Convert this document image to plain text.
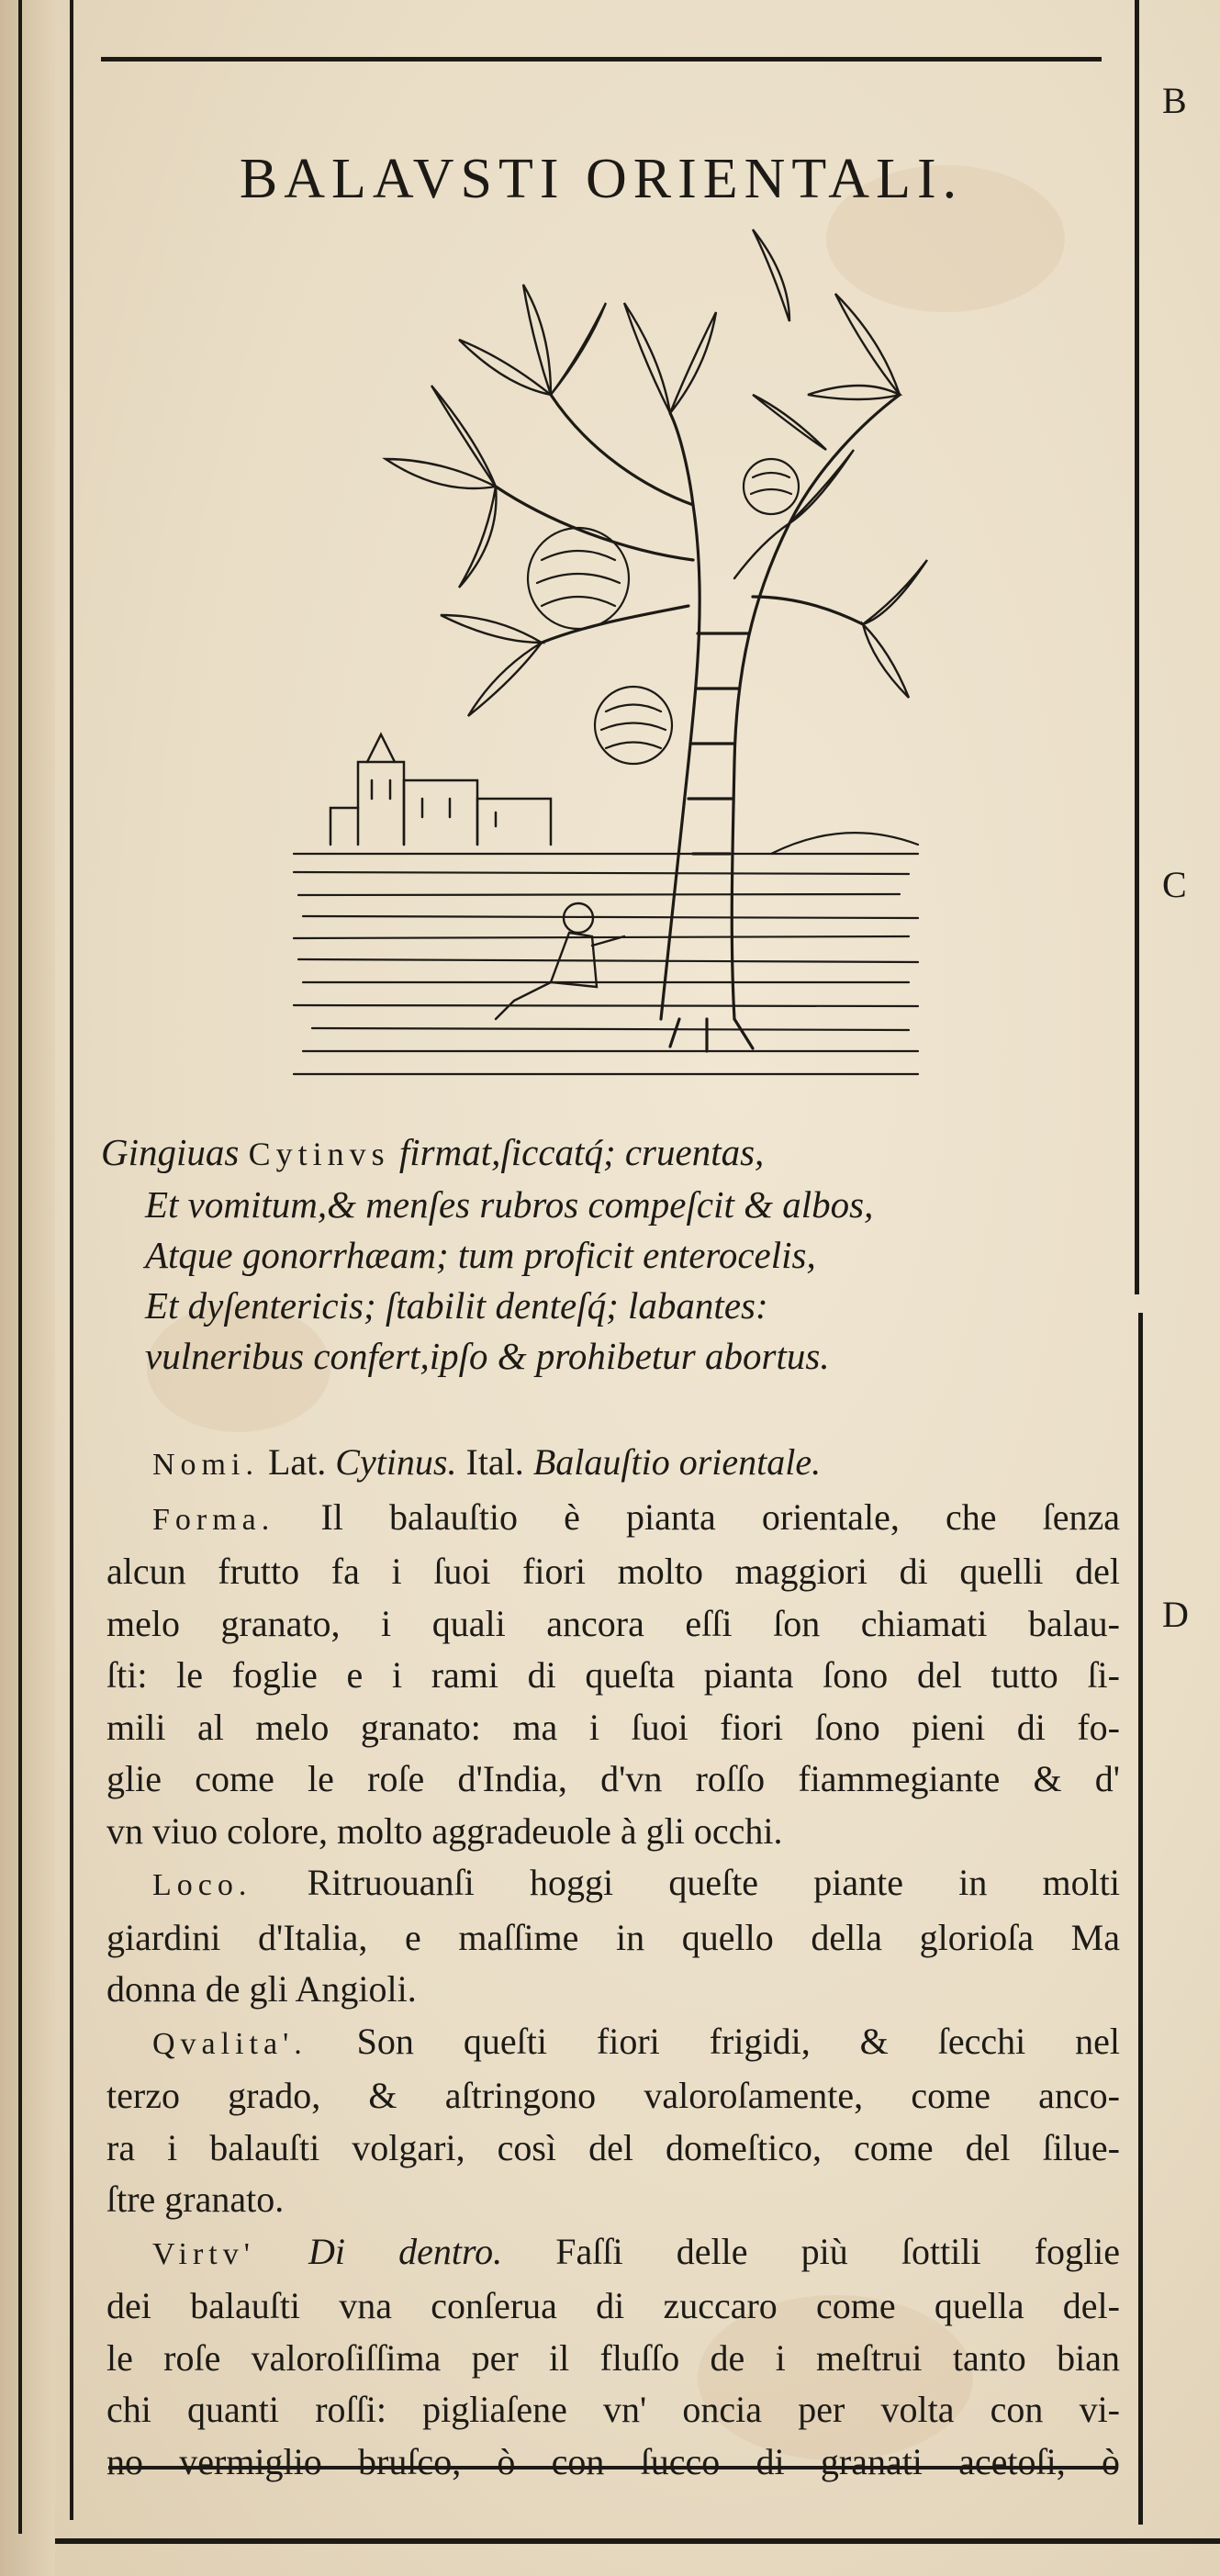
B
C
D
BALAVSTI ORIENTALI.
Gingiuas Cytinvs firmat,ſiccatq́; cruentas,
Et vomitum,& menſes rubros compeſcit & albos,
Atque gonorrhæam; tum proficit enterocelis,
Et dyſentericis; ſtabilit denteſq́; labantes:
vulneribus confert,ipſo & prohibetur abortus.
Nomi. Lat. Cytinus. Ital. Balauſtio orientale.
Forma. Il balauſtio è pianta orientale, che ſenza
alcun frutto fa i ſuoi fiori molto maggiori di quelli del
melo granato, i quali ancora eſſi ſon chiamati balau-
ſti: le foglie e i rami di queſta pianta ſono del tutto ſi-
mili al melo granato: ma i ſuoi fiori ſono pieni di fo-
glie come le roſe d'India, d'vn roſſo fiammegiante & d'
vn viuo colore, molto aggradeuole à gli occhi.
Loco. Ritruouanſi hoggi queſte piante in molti
giardini d'Italia, e maſſime in quello della glorioſa Ma
donna de gli Angioli.
Qvalita'. Son queſti fiori frigidi, & ſecchi nel
terzo grado, & aſtringono valoroſamente, come anco-
ra i balauſti volgari, così del domeſtico, come del ſilue-
ſtre granato.
Virtv' Di dentro. Faſſi delle più ſottili foglie
dei balauſti vna conſerua di zuccaro come quella del-
le roſe valoroſiſſima per il fluſſo de i meſtrui tanto bian
chi quanti roſſi: pigliaſene vn' oncia per volta con vi-
no vermiglio bruſco, ò con ſucco di granati acetoſi, ò
